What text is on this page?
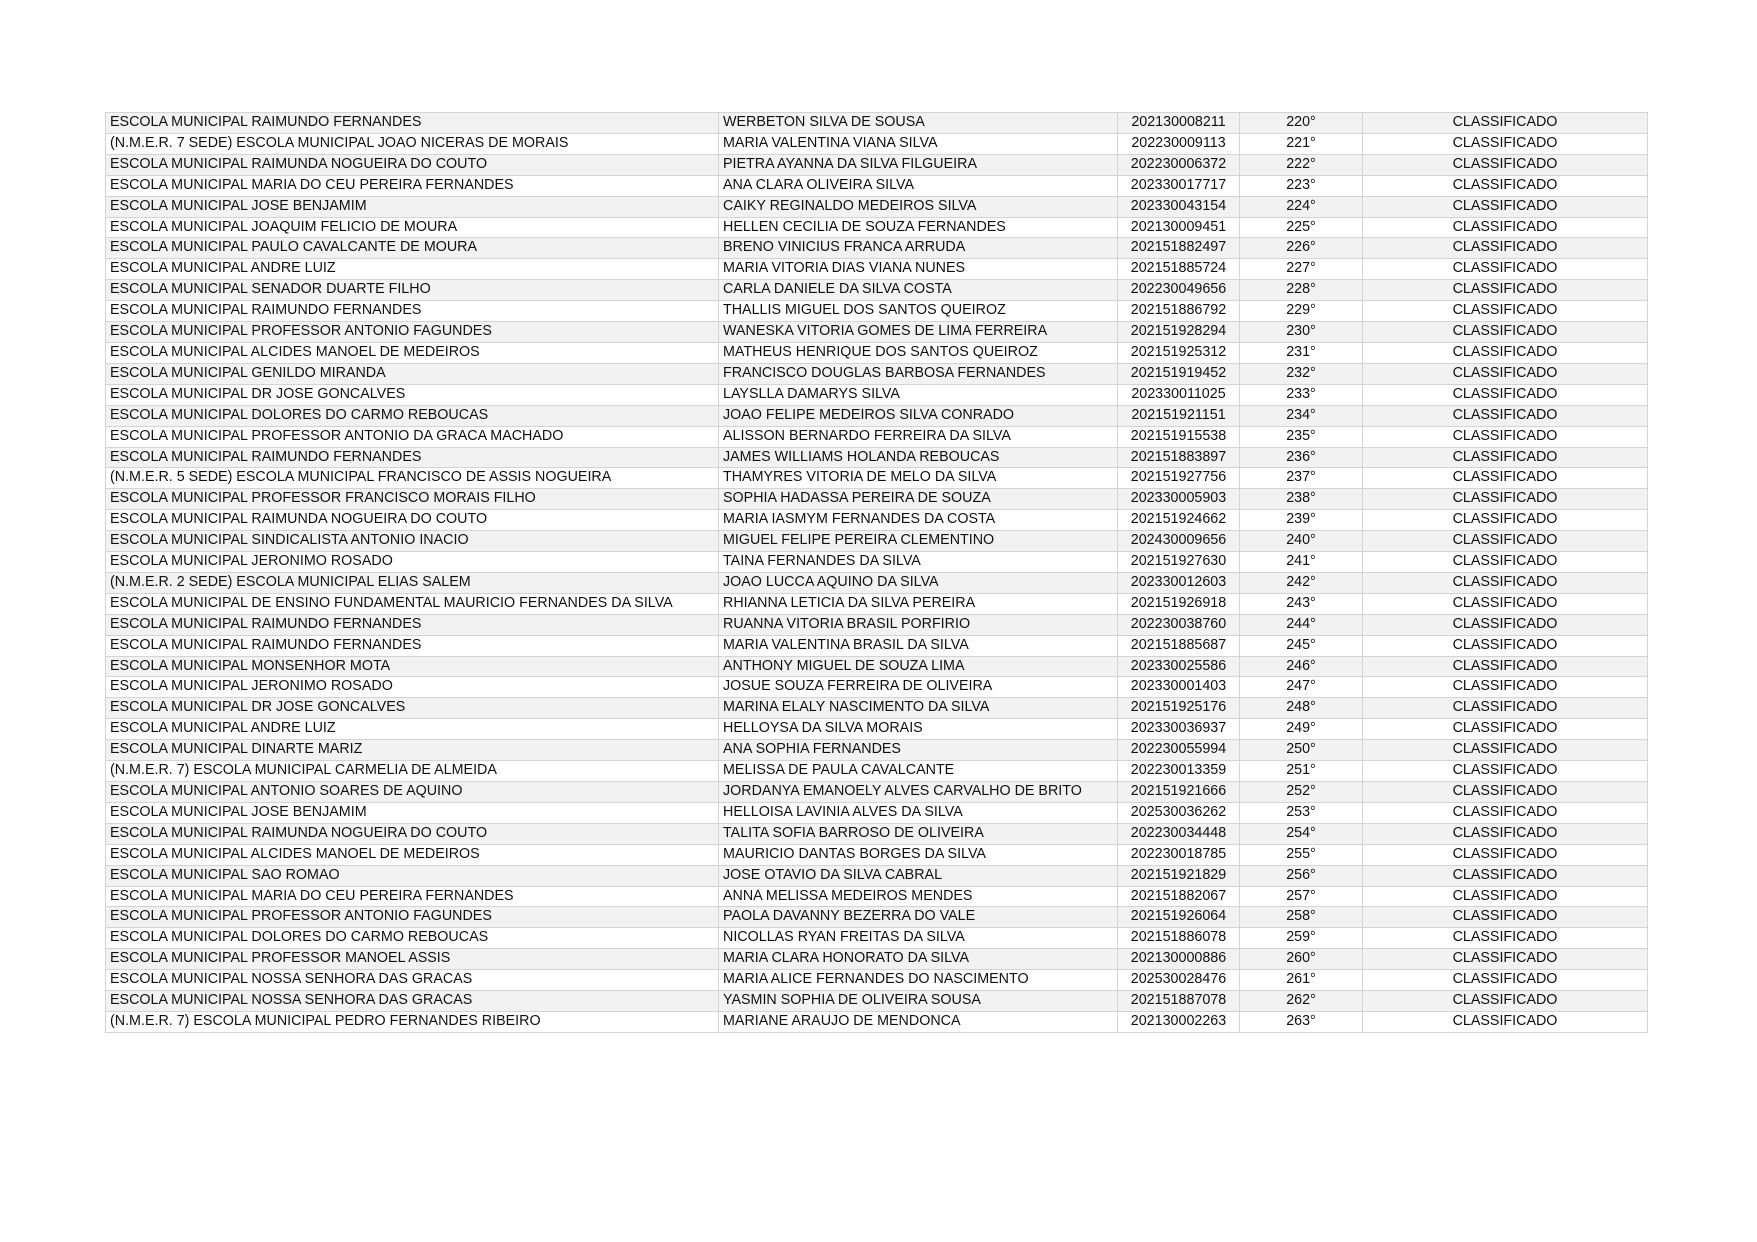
ESCOLA MUNICIPAL RAIMUNDO FERNANDES	WERBETON SILVA DE SOUSA	202130008211	220°	CLASSIFICADO
(N.M.E.R. 7 SEDE) ESCOLA MUNICIPAL JOAO NICERAS DE MORAIS	MARIA VALENTINA VIANA SILVA	202230009113	221°	CLASSIFICADO
ESCOLA MUNICIPAL RAIMUNDA NOGUEIRA DO COUTO	PIETRA AYANNA DA SILVA FILGUEIRA	202230006372	222°	CLASSIFICADO
ESCOLA MUNICIPAL MARIA DO CEU PEREIRA FERNANDES	ANA CLARA OLIVEIRA SILVA	202330017717	223°	CLASSIFICADO
ESCOLA MUNICIPAL JOSE BENJAMIM	CAIKY REGINALDO MEDEIROS SILVA	202330043154	224°	CLASSIFICADO
ESCOLA MUNICIPAL JOAQUIM FELICIO DE MOURA	HELLEN CECILIA DE SOUZA FERNANDES	202130009451	225°	CLASSIFICADO
ESCOLA MUNICIPAL PAULO CAVALCANTE DE MOURA	BRENO VINICIUS FRANCA ARRUDA	202151882497	226°	CLASSIFICADO
ESCOLA MUNICIPAL ANDRE LUIZ	MARIA VITORIA DIAS VIANA NUNES	202151885724	227°	CLASSIFICADO
ESCOLA MUNICIPAL SENADOR DUARTE FILHO	CARLA DANIELE DA SILVA COSTA	202230049656	228°	CLASSIFICADO
ESCOLA MUNICIPAL RAIMUNDO FERNANDES	THALLIS MIGUEL DOS SANTOS QUEIROZ	202151886792	229°	CLASSIFICADO
ESCOLA MUNICIPAL PROFESSOR ANTONIO FAGUNDES	WANESKA VITORIA GOMES DE LIMA FERREIRA	202151928294	230°	CLASSIFICADO
ESCOLA MUNICIPAL ALCIDES MANOEL DE MEDEIROS	MATHEUS HENRIQUE DOS SANTOS QUEIROZ	202151925312	231°	CLASSIFICADO
ESCOLA MUNICIPAL GENILDO MIRANDA	FRANCISCO DOUGLAS BARBOSA FERNANDES	202151919452	232°	CLASSIFICADO
ESCOLA MUNICIPAL DR JOSE GONCALVES	LAYSLLA DAMARYS SILVA	202330011025	233°	CLASSIFICADO
ESCOLA MUNICIPAL DOLORES DO CARMO REBOUCAS	JOAO FELIPE MEDEIROS SILVA CONRADO	202151921151	234°	CLASSIFICADO
ESCOLA MUNICIPAL PROFESSOR ANTONIO DA GRACA MACHADO	ALISSON BERNARDO FERREIRA DA SILVA	202151915538	235°	CLASSIFICADO
ESCOLA MUNICIPAL RAIMUNDO FERNANDES	JAMES WILLIAMS HOLANDA REBOUCAS	202151883897	236°	CLASSIFICADO
(N.M.E.R. 5 SEDE) ESCOLA MUNICIPAL FRANCISCO DE ASSIS NOGUEIRA	THAMYRES VITORIA DE MELO DA SILVA	202151927756	237°	CLASSIFICADO
ESCOLA MUNICIPAL PROFESSOR FRANCISCO MORAIS FILHO	SOPHIA HADASSA PEREIRA DE SOUZA	202330005903	238°	CLASSIFICADO
ESCOLA MUNICIPAL RAIMUNDA NOGUEIRA DO COUTO	MARIA IASMYM FERNANDES DA COSTA	202151924662	239°	CLASSIFICADO
ESCOLA MUNICIPAL SINDICALISTA ANTONIO INACIO	MIGUEL FELIPE PEREIRA CLEMENTINO	202430009656	240°	CLASSIFICADO
ESCOLA MUNICIPAL JERONIMO ROSADO	TAINA FERNANDES DA SILVA	202151927630	241°	CLASSIFICADO
(N.M.E.R. 2 SEDE) ESCOLA MUNICIPAL ELIAS SALEM	JOAO LUCCA AQUINO DA SILVA	202330012603	242°	CLASSIFICADO
ESCOLA MUNICIPAL DE ENSINO FUNDAMENTAL MAURICIO FERNANDES DA SILVA	RHIANNA LETICIA DA SILVA PEREIRA	202151926918	243°	CLASSIFICADO
ESCOLA MUNICIPAL RAIMUNDO FERNANDES	RUANNA VITORIA BRASIL PORFIRIO	202230038760	244°	CLASSIFICADO
ESCOLA MUNICIPAL RAIMUNDO FERNANDES	MARIA VALENTINA BRASIL DA SILVA	202151885687	245°	CLASSIFICADO
ESCOLA MUNICIPAL MONSENHOR MOTA	ANTHONY MIGUEL DE SOUZA LIMA	202330025586	246°	CLASSIFICADO
ESCOLA MUNICIPAL JERONIMO ROSADO	JOSUE SOUZA FERREIRA DE OLIVEIRA	202330001403	247°	CLASSIFICADO
ESCOLA MUNICIPAL DR JOSE GONCALVES	MARINA ELALY NASCIMENTO DA SILVA	202151925176	248°	CLASSIFICADO
ESCOLA MUNICIPAL ANDRE LUIZ	HELLOYSA DA SILVA MORAIS	202330036937	249°	CLASSIFICADO
ESCOLA MUNICIPAL DINARTE MARIZ	ANA SOPHIA FERNANDES	202230055994	250°	CLASSIFICADO
(N.M.E.R. 7) ESCOLA MUNICIPAL CARMELIA DE ALMEIDA	MELISSA DE PAULA CAVALCANTE	202230013359	251°	CLASSIFICADO
ESCOLA MUNICIPAL ANTONIO SOARES DE AQUINO	JORDANYA EMANOELY ALVES CARVALHO DE BRITO	202151921666	252°	CLASSIFICADO
ESCOLA MUNICIPAL JOSE BENJAMIM	HELLOISA LAVINIA ALVES DA SILVA	202530036262	253°	CLASSIFICADO
ESCOLA MUNICIPAL RAIMUNDA NOGUEIRA DO COUTO	TALITA SOFIA BARROSO DE OLIVEIRA	202230034448	254°	CLASSIFICADO
ESCOLA MUNICIPAL ALCIDES MANOEL DE MEDEIROS	MAURICIO DANTAS BORGES DA SILVA	202230018785	255°	CLASSIFICADO
ESCOLA MUNICIPAL SAO ROMAO	JOSE OTAVIO DA SILVA CABRAL	202151921829	256°	CLASSIFICADO
ESCOLA MUNICIPAL MARIA DO CEU PEREIRA FERNANDES	ANNA MELISSA MEDEIROS MENDES	202151882067	257°	CLASSIFICADO
ESCOLA MUNICIPAL PROFESSOR ANTONIO FAGUNDES	PAOLA DAVANNY BEZERRA DO VALE	202151926064	258°	CLASSIFICADO
ESCOLA MUNICIPAL DOLORES DO CARMO REBOUCAS	NICOLLAS RYAN FREITAS DA SILVA	202151886078	259°	CLASSIFICADO
ESCOLA MUNICIPAL PROFESSOR MANOEL ASSIS	MARIA CLARA HONORATO DA SILVA	202130000886	260°	CLASSIFICADO
ESCOLA MUNICIPAL NOSSA SENHORA DAS GRACAS	MARIA ALICE FERNANDES DO NASCIMENTO	202530028476	261°	CLASSIFICADO
ESCOLA MUNICIPAL NOSSA SENHORA DAS GRACAS	YASMIN SOPHIA DE OLIVEIRA SOUSA	202151887078	262°	CLASSIFICADO
(N.M.E.R. 7) ESCOLA MUNICIPAL PEDRO FERNANDES RIBEIRO	MARIANE ARAUJO DE MENDONCA	202130002263	263°	CLASSIFICADO
